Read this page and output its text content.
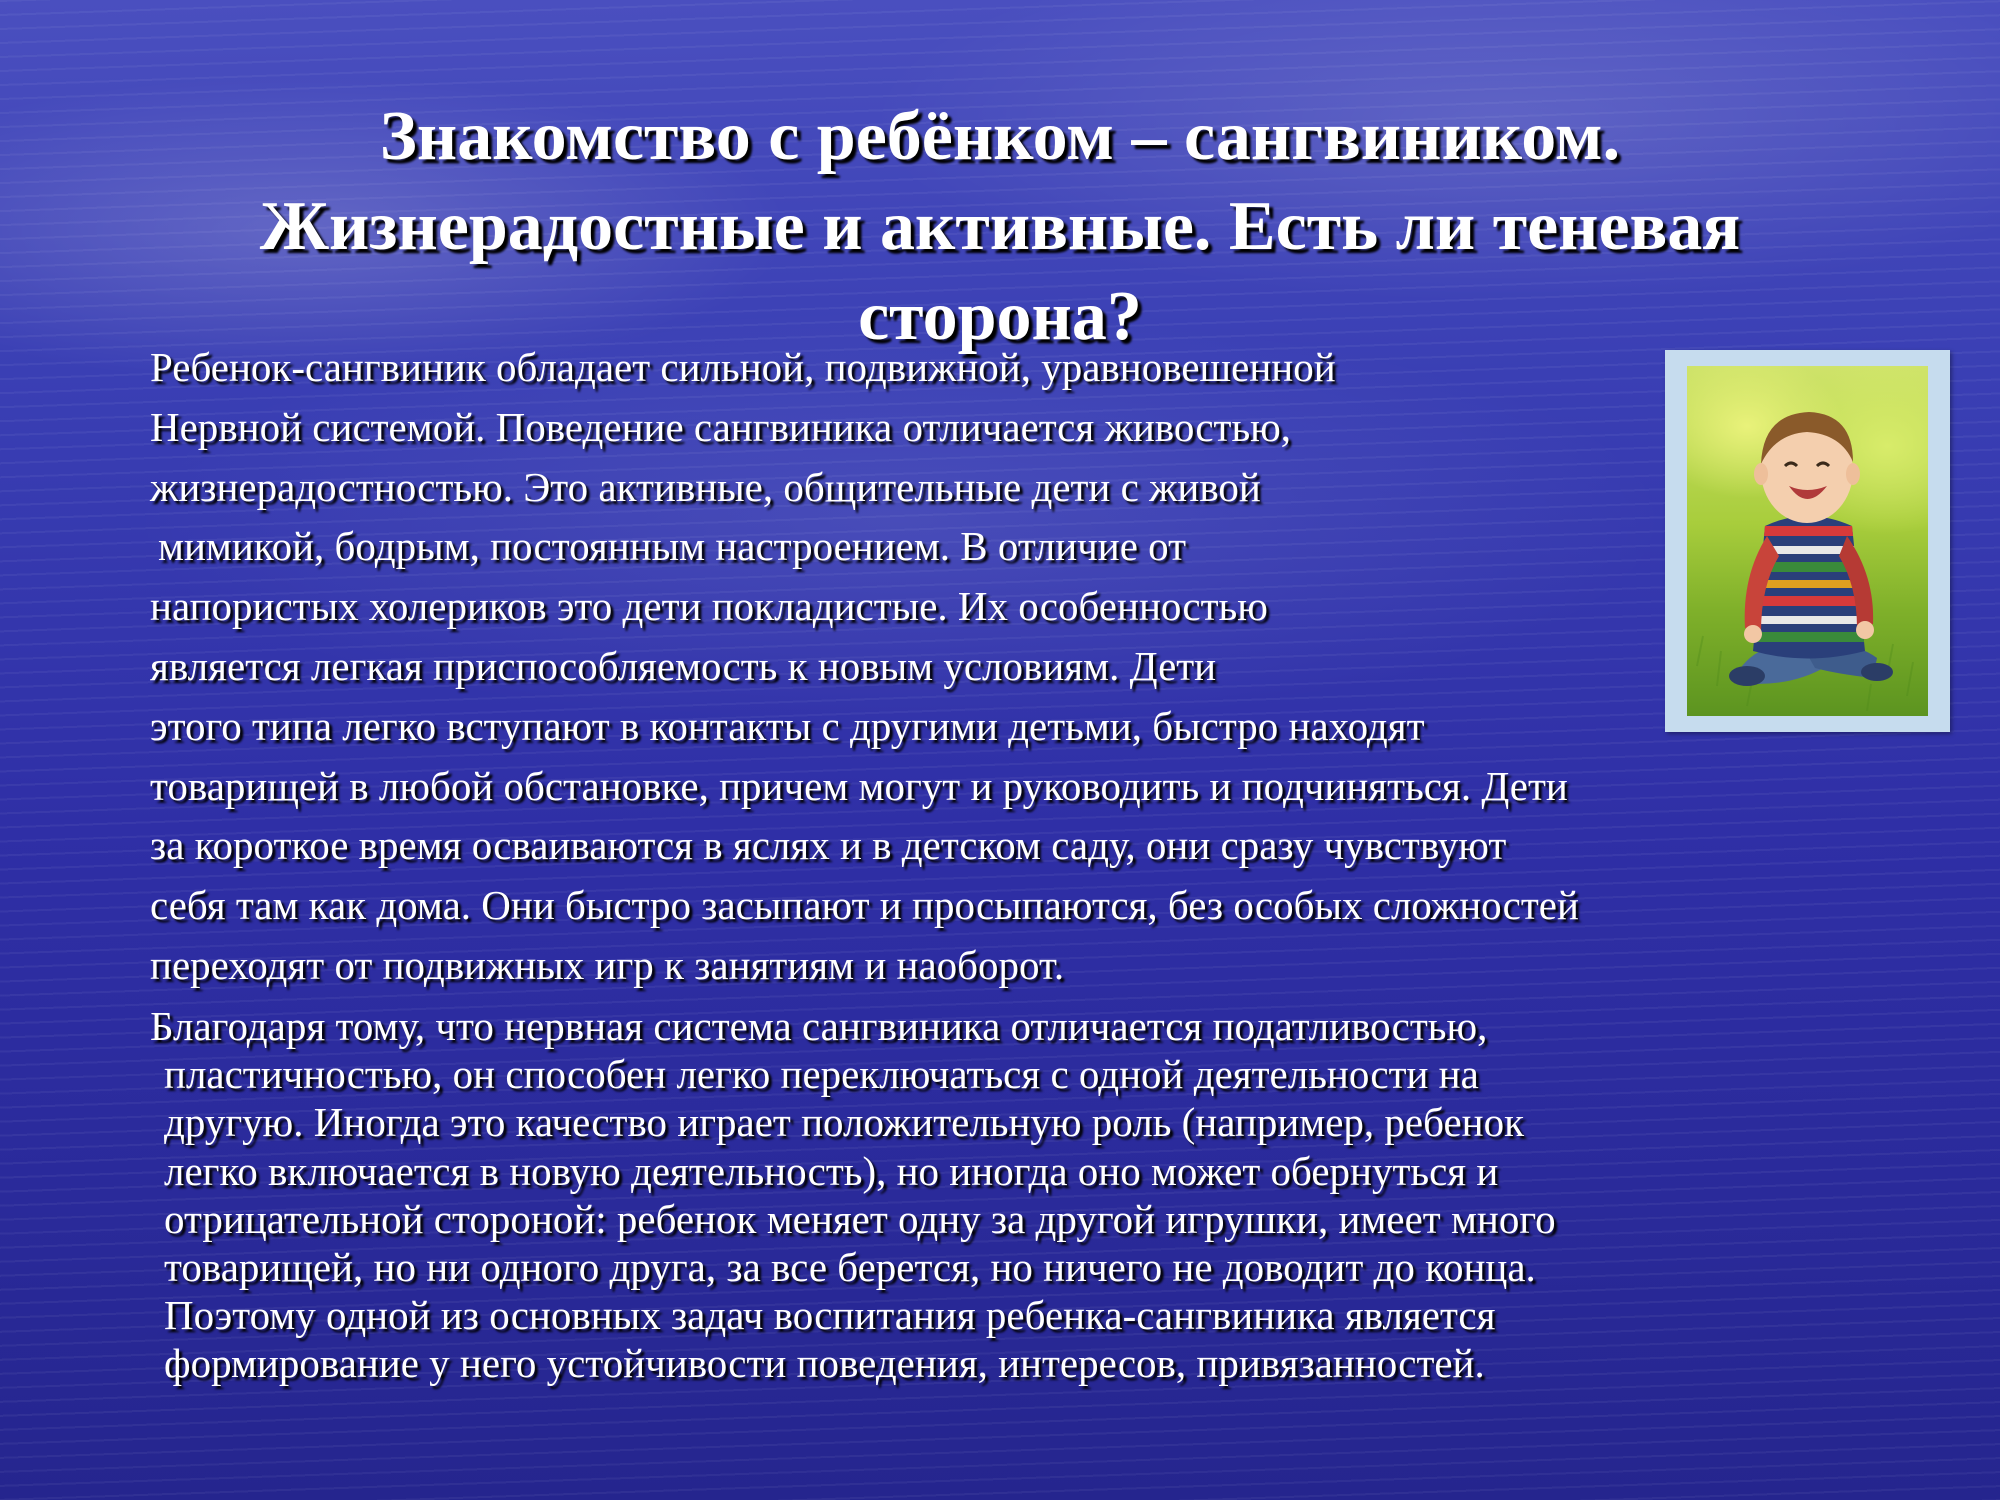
Знакомство с ребёнком – сангвиником.
Жизнерадостные и активные. Есть ли теневая
сторона?
Ребенок-сангвиник обладает сильной, подвижной, уравновешенной
Нервной системой. Поведение сангвиника отличается живостью,
жизнерадостностью. Это активные, общительные дети с живой
мимикой, бодрым, постоянным настроением. В отличие от
напористых холериков это дети покладистые. Их особенностью
является легкая приспособляемость к новым условиям. Дети
этого типа легко вступают в контакты с другими детьми, быстро находят
товарищей в любой обстановке, причем могут и руководить и подчиняться. Дети
за короткое время осваиваются в яслях и в детском саду, они сразу чувствуют
себя там как дома. Они быстро засыпают и просыпаются, без особых сложностей
переходят от подвижных игр к занятиям и наоборот.
Благодаря тому, что нервная система сангвиника отличается податливостью,
пластичностью, он способен легко переключаться с одной деятельности на
другую. Иногда это качество играет положительную роль (например, ребенок
легко включается в новую деятельность), но иногда оно может обернуться и
отрицательной стороной: ребенок меняет одну за другой игрушки, имеет много
товарищей, но ни одного друга, за все берется, но ничего не доводит до конца.
Поэтому одной из основных задач воспитания ребенка-сангвиника является
формирование у него устойчивости поведения, интересов, привязанностей.
